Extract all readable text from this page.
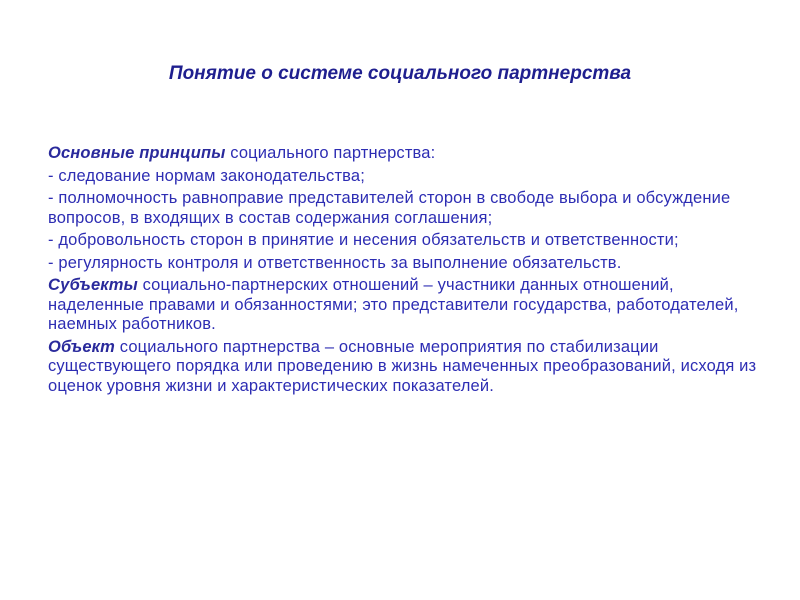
Понятие о системе социального партнерства

Основные принципы социального партнерства:

- следование нормам законодательства;

- полномочность равноправие представителей сторон в свободе выбора и обсуждение вопросов, в входящих в состав содержания соглашения;

- добровольность сторон в принятие и несения обязательств и ответственности;

- регулярность контроля и ответственность за выполнение обязательств.

Субъекты социально-партнерских отношений – участники данных отношений, наделенные правами и обязанностями; это представители государства, работодателей, наемных работников.

Объект социального партнерства – основные мероприятия по стабилизации существующего порядка или проведению в жизнь намеченных преобразований, исходя из оценок уровня жизни и характеристических показателей.
